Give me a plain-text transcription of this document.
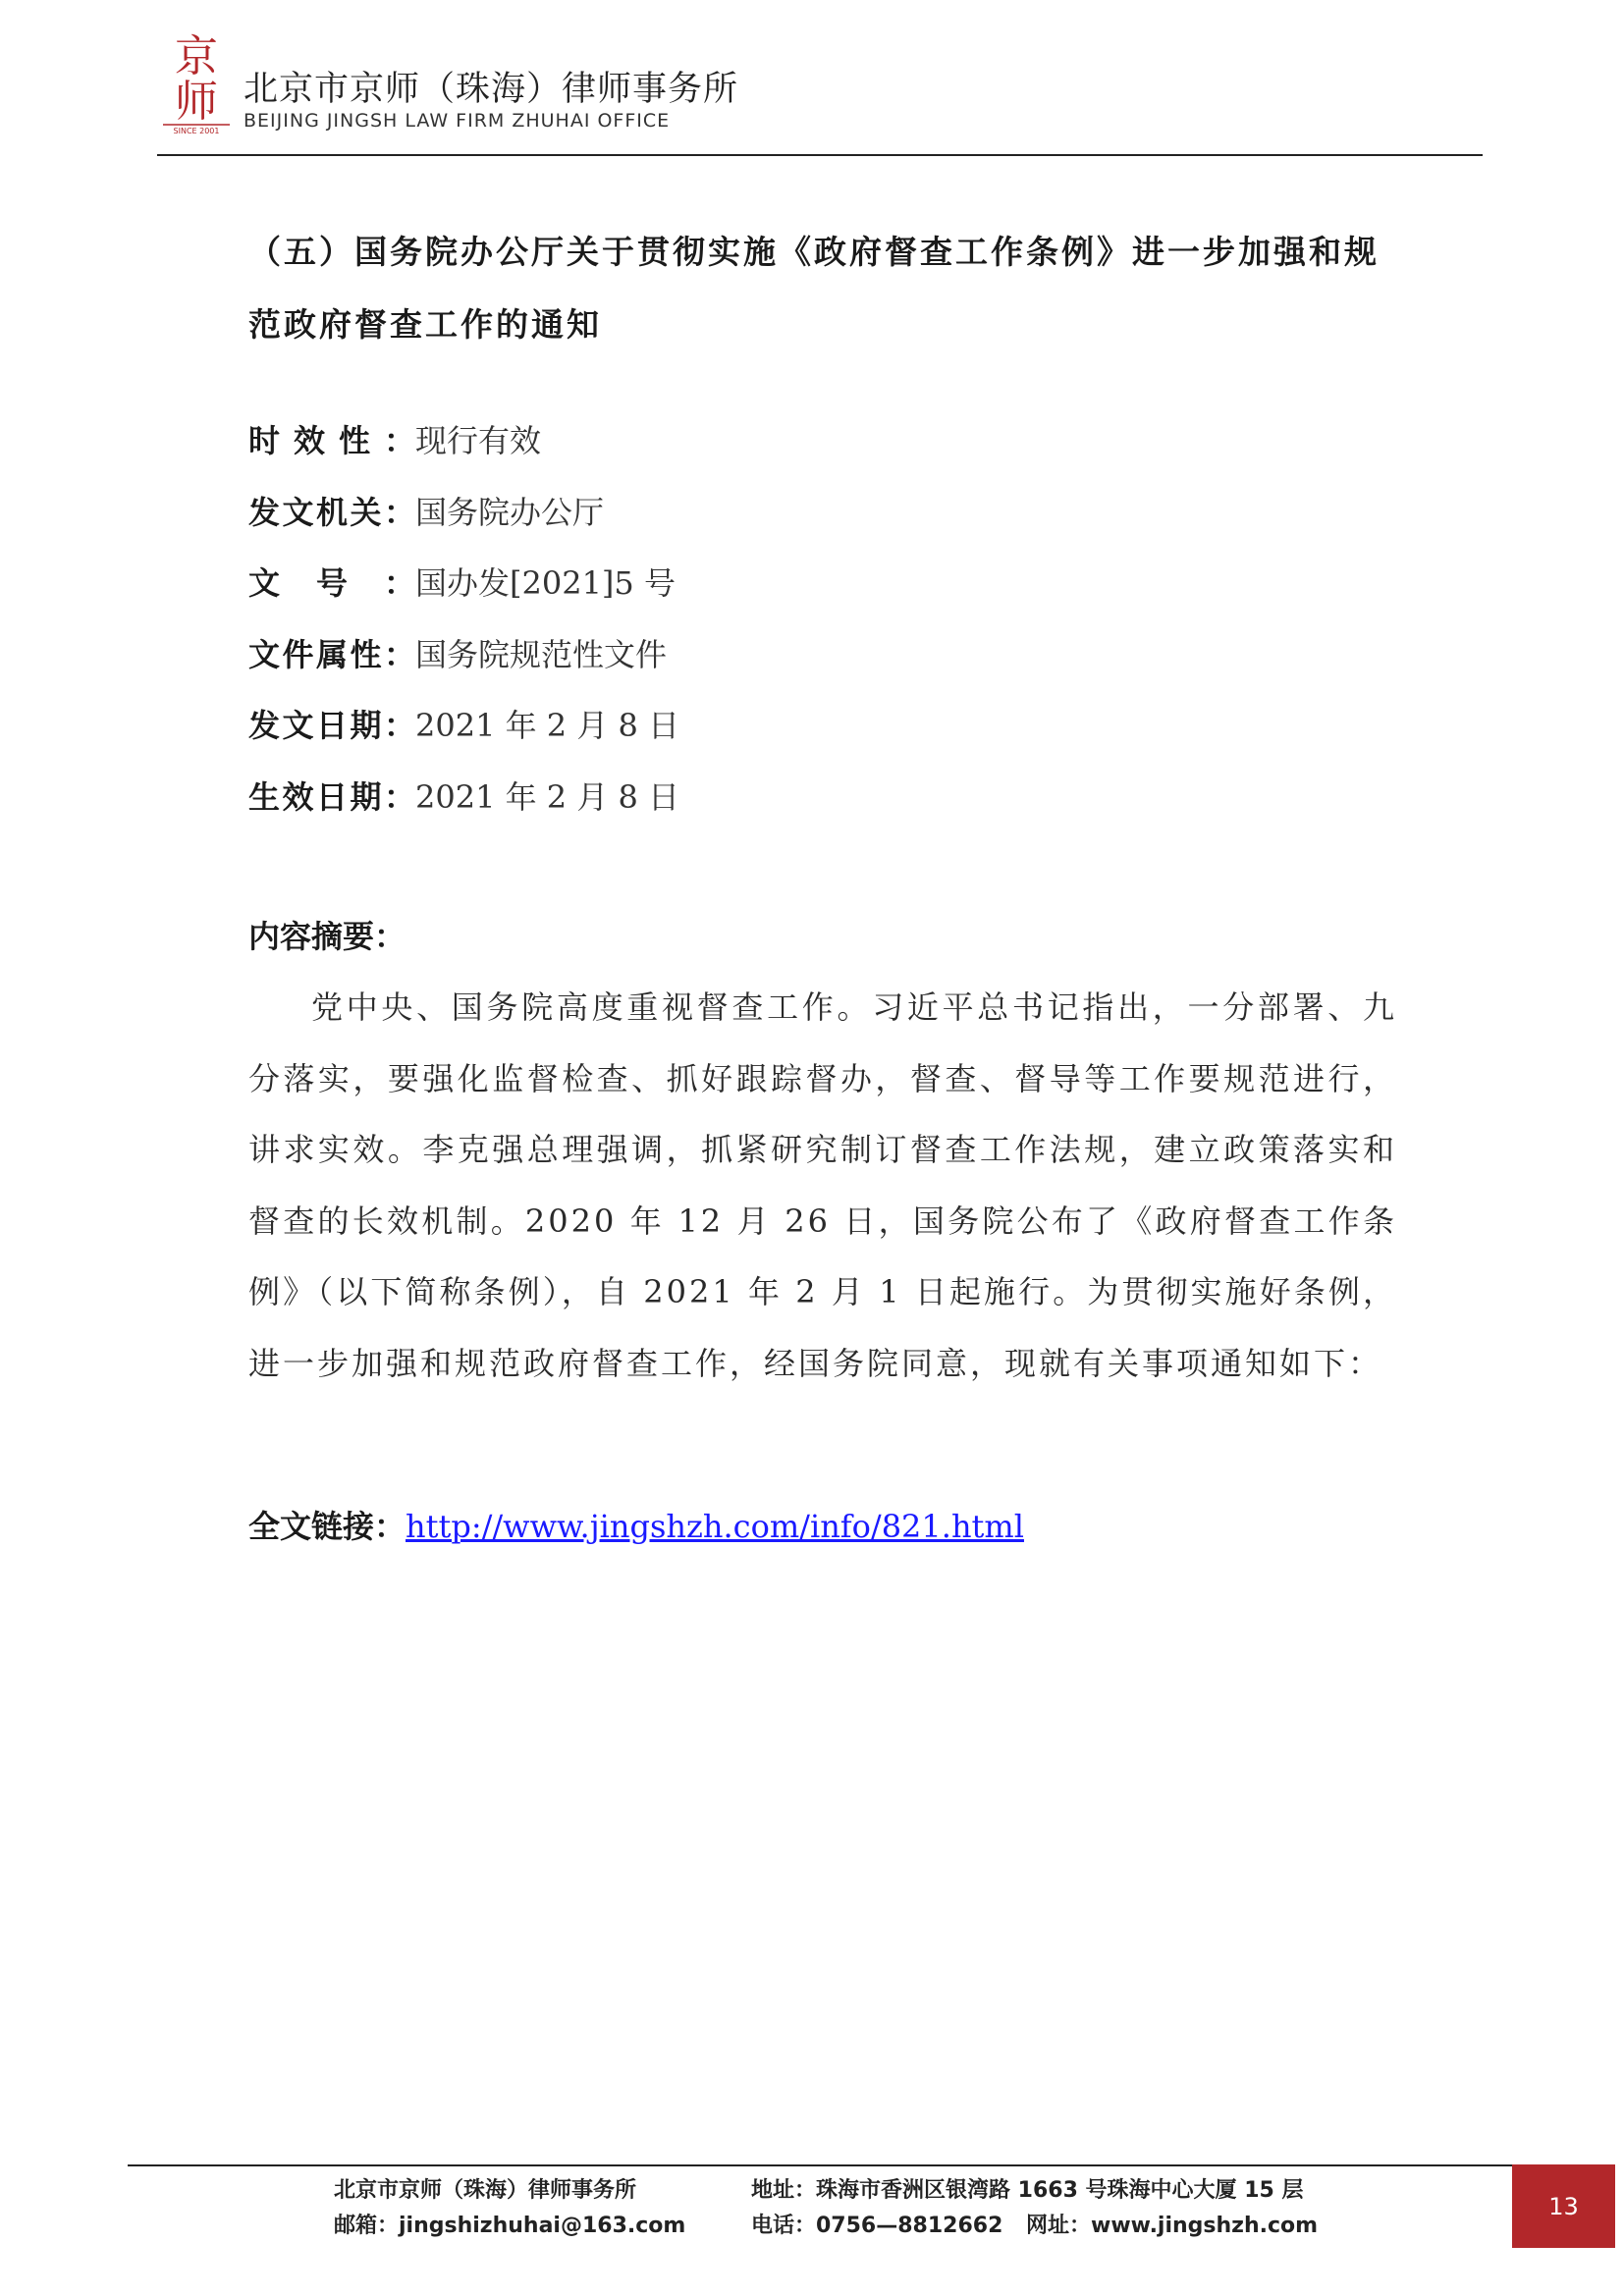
京
师
SINCE 2001
北京市京师（珠海）律师事务所
BEIJING JINGSH LAW FIRM ZHUHAI OFFICE
（五）国务院办公厅关于贯彻实施《政府督查工作条例》进一步加强和规范政府督查工作的通知
时效性：现行有效
发文机关：国务院办公厅
文号：国办发[2021]5 号
文件属性：国务院规范性文件
发文日期：2021 年 2 月 8 日
生效日期：2021 年 2 月 8 日
内容摘要：

党中央、国务院高度重视督查工作。习近平总书记指出，一分部署、九分落实，要强化监督检查、抓好跟踪督办，督查、督导等工作要规范进行，讲求实效。李克强总理强调，抓紧研究制订督查工作法规，建立政策落实和督查的长效机制。2020 年 12 月 26 日，国务院公布了《政府督查工作条例》（以下简称条例），自 2021 年 2 月 1 日起施行。为贯彻实施好条例，进一步加强和规范政府督查工作，经国务院同意，现就有关事项通知如下：

全文链接：http://www.jingshzh.com/info/821.html
北京市京师（珠海）律师事务所
邮箱：jingshizhuhai@163.com
地址：珠海市香洲区银湾路 1663 号珠海中心大厦 15 层
电话：0756—8812662 网址：www.jingshzh.com
13
